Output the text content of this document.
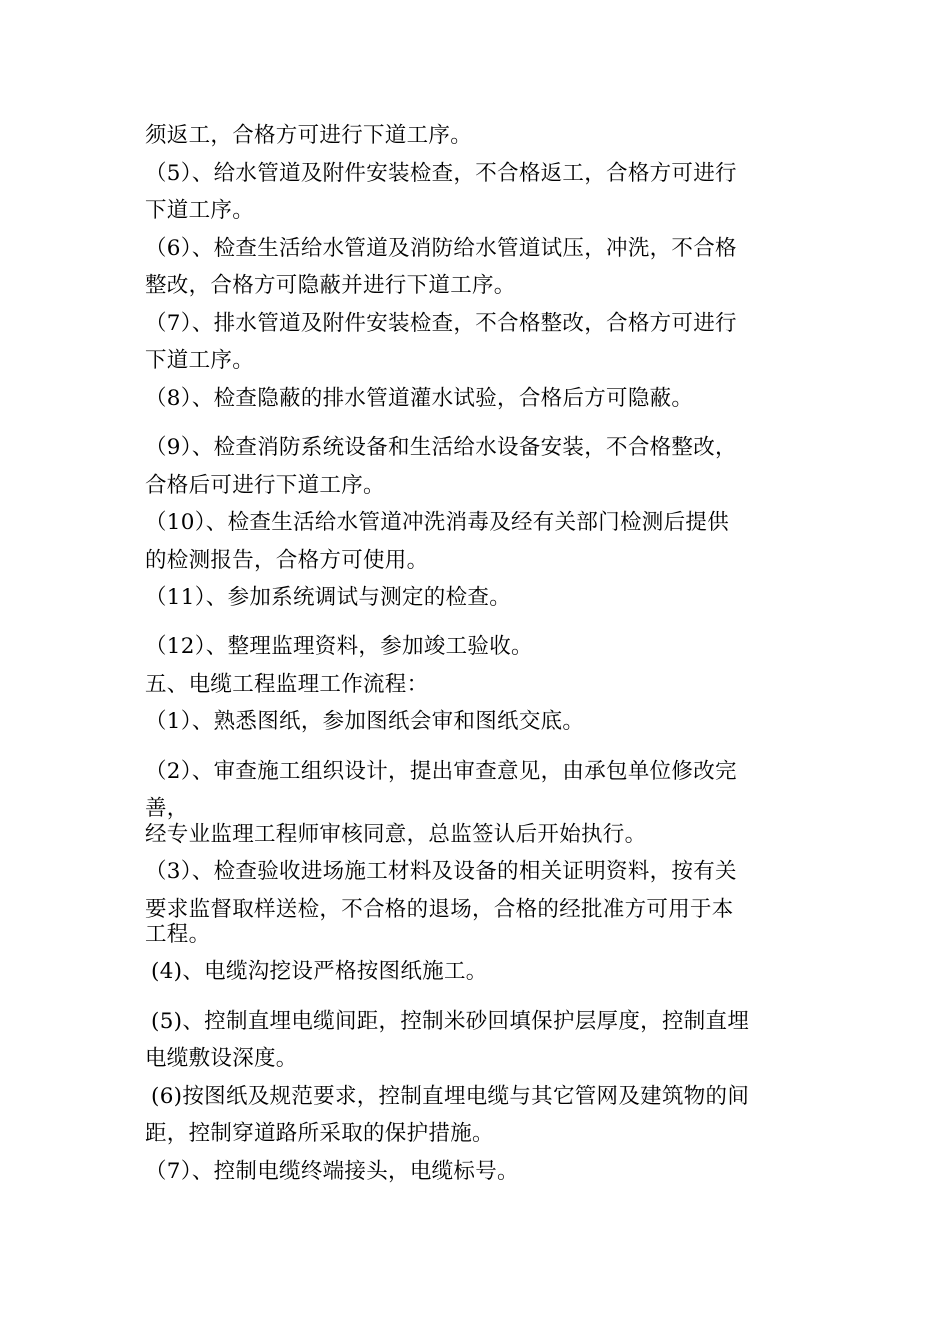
须返工，合格方可进行下道工序。
（5）、给水管道及附件安装检查，不合格返工，合格方可进行
下道工序。
（6）、检查生活给水管道及消防给水管道试压，冲洗，不合格
整改，合格方可隐蔽并进行下道工序。
（7）、排水管道及附件安装检查，不合格整改，合格方可进行
下道工序。
（8）、检查隐蔽的排水管道灌水试验，合格后方可隐蔽。
（9）、检查消防系统设备和生活给水设备安装，不合格整改，
合格后可进行下道工序。
（10）、检查生活给水管道冲洗消毒及经有关部门检测后提供
的检测报告，合格方可使用。
（11）、参加系统调试与测定的检查。
（12）、整理监理资料，参加竣工验收。
五、电缆工程监理工作流程：
（1）、熟悉图纸，参加图纸会审和图纸交底。
（2）、审查施工组织设计，提出审查意见，由承包单位修改完
善，
经专业监理工程师审核同意，总监签认后开始执行。
（3）、检查验收进场施工材料及设备的相关证明资料，按有关
要求监督取样送检，不合格的退场，合格的经批准方可用于本
工程。
(4)、电缆沟挖设严格按图纸施工。
(5)、控制直埋电缆间距，控制米砂回填保护层厚度，控制直埋
电缆敷设深度。
(6)按图纸及规范要求，控制直埋电缆与其它管网及建筑物的间
距，控制穿道路所采取的保护措施。
（7）、控制电缆终端接头，电缆标号。
